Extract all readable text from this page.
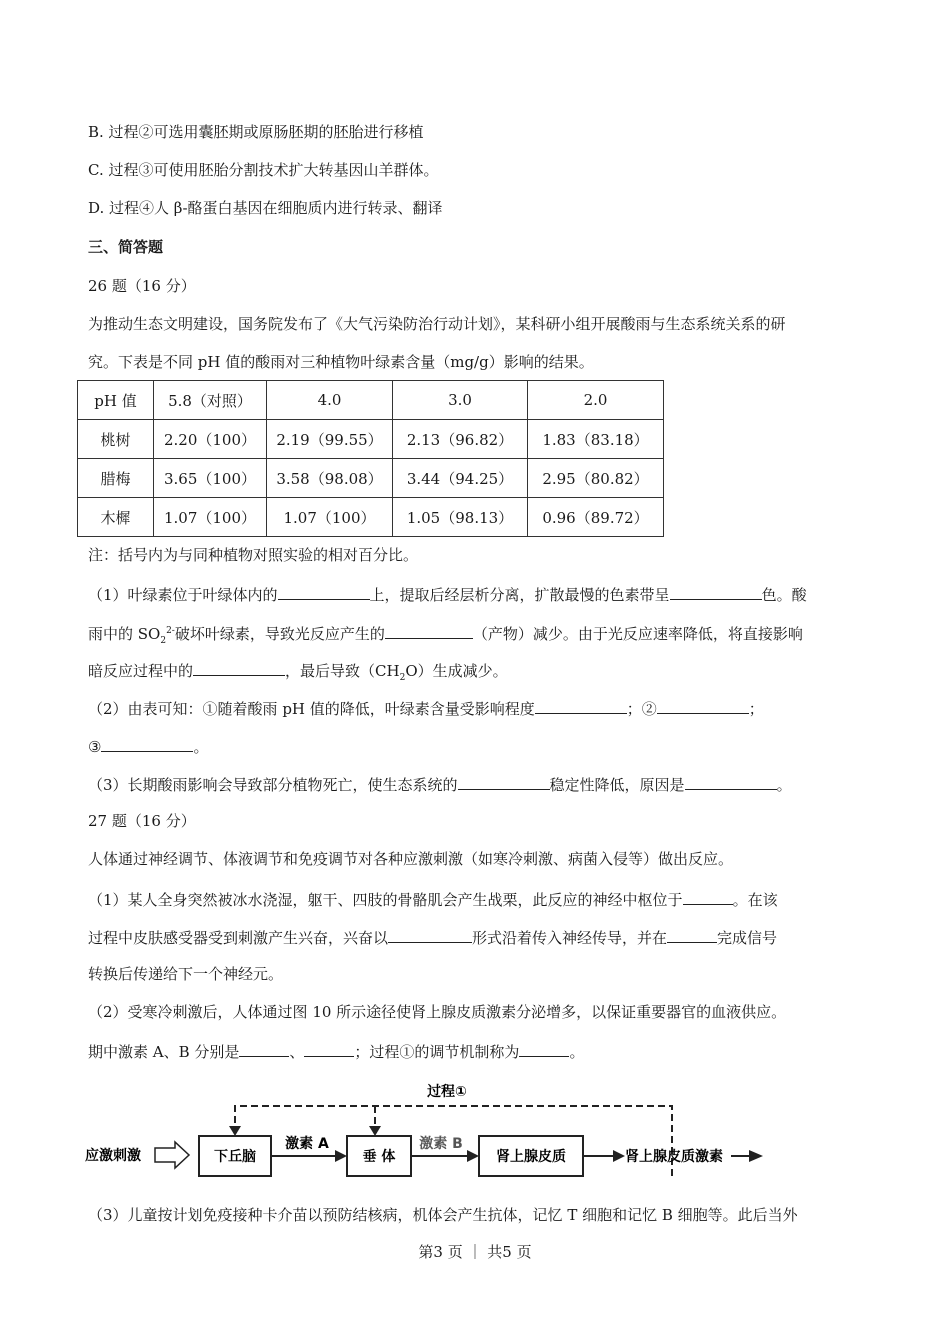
B. 过程②可选用囊胚期或原肠胚期的胚胎进行移植
C. 过程③可使用胚胎分割技术扩大转基因山羊群体。
D. 过程④人 β-酪蛋白基因在细胞质内进行转录、翻译
三、简答题
26 题（16 分）
为推动生态文明建设，国务院发布了《大气污染防治行动计划》，某科研小组开展酸雨与生态系统关系的研
究。下表是不同 pH 值的酸雨对三种植物叶绿素含量（mg/g）影响的结果。
pH 值	5.8（对照）	4.0	3.0	2.0
桃树	2.20（100）	2.19（99.55）	2.13（96.82）	1.83（83.18）
腊梅	3.65（100）	3.58（98.08）	3.44（94.25）	2.95（80.82）
木樨	1.07（100）	1.07（100）	1.05（98.13）	0.96（89.72）
注：括号内为与同种植物对照实验的相对百分比。
（1）叶绿素位于叶绿体内的	上，提取后经层析分离，扩散最慢的色素带呈	色。酸
雨中的 $SO_2^{2-}$破坏叶绿素，导致光反应产生的	（产物）减少。由于光反应速率降低，将直接影响
暗反应过程中的	，最后导致$(CH_2O)$生成减少。
（2）由表可知：①随着酸雨 pH 值的降低，叶绿素含量受影响程度	；②	；
③	。
（3）长期酸雨影响会导致部分植物死亡，使生态系统的	稳定性降低，原因是	。
27 题（16 分）
人体通过神经调节、体液调节和免疫调节对各种应激刺激（如寒冷刺激、病菌入侵等）做出反应。
（1）某人全身突然被冰水浇湿，躯干、四肢的骨骼肌会产生战栗，此反应的神经中枢位于	。在该
过程中皮肤感受器受到刺激产生兴奋，兴奋以	形式沿着传入神经传导，并在	完成信号
转换后传递给下一个神经元。
（2）受寒冷刺激后，人体通过图 10 所示途径使肾上腺皮质激素分泌增多，以保证重要器官的血液供应。
期中激素 A、B 分别是	、	；过程①的调节机制称为	。
过程①
应激刺激	下丘脑
激素 A
垂 体
激素 B
肾上腺皮质	肾上腺皮质激素
（3）儿童按计划免疫接种卡介苗以预防结核病，机体会产生抗体，记忆 T 细胞和记忆 B 细胞等。此后当外
第3 页 ｜ 共5 页
